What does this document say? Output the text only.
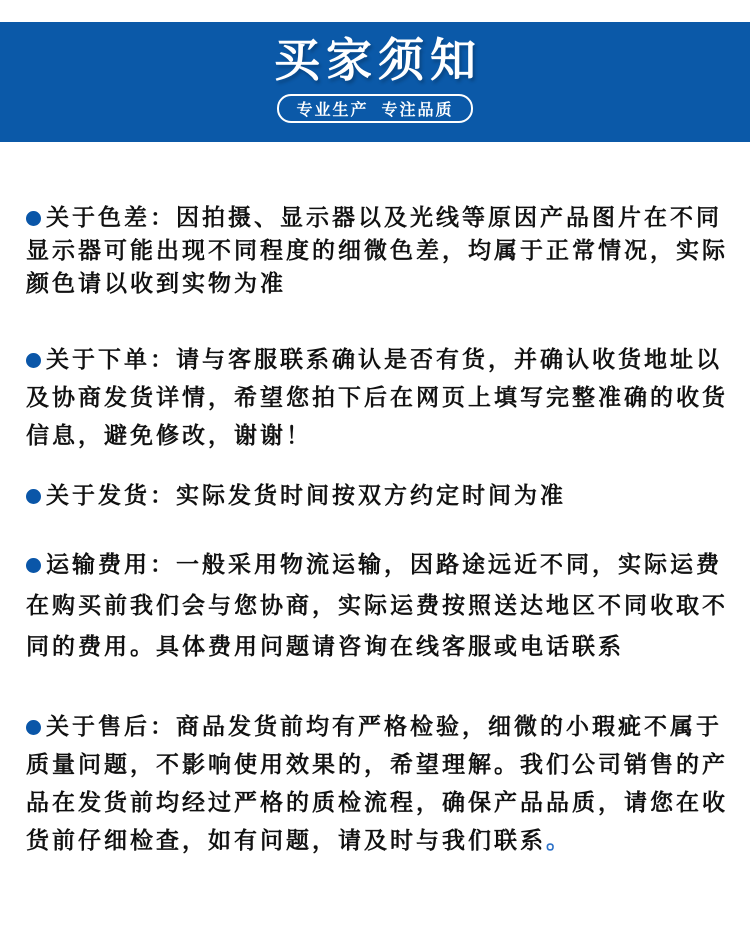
买家须知
专业生产  专注品质
关于色差：因拍摄、显示器以及光线等原因产品图片在不同
显示器可能出现不同程度的细微色差，均属于正常情况，实际
颜色请以收到实物为准
关于下单：请与客服联系确认是否有货，并确认收货地址以
及协商发货详情，希望您拍下后在网页上填写完整准确的收货
信息，避免修改，谢谢！
关于发货：实际发货时间按双方约定时间为准
运输费用：一般采用物流运输，因路途远近不同，实际运费
在购买前我们会与您协商，实际运费按照送达地区不同收取不
同的费用。具体费用问题请咨询在线客服或电话联系
关于售后：商品发货前均有严格检验，细微的小瑕疵不属于
质量问题，不影响使用效果的，希望理解。我们公司销售的产
品在发货前均经过严格的质检流程，确保产品品质，请您在收
货前仔细检查，如有问题，请及时与我们联系。
